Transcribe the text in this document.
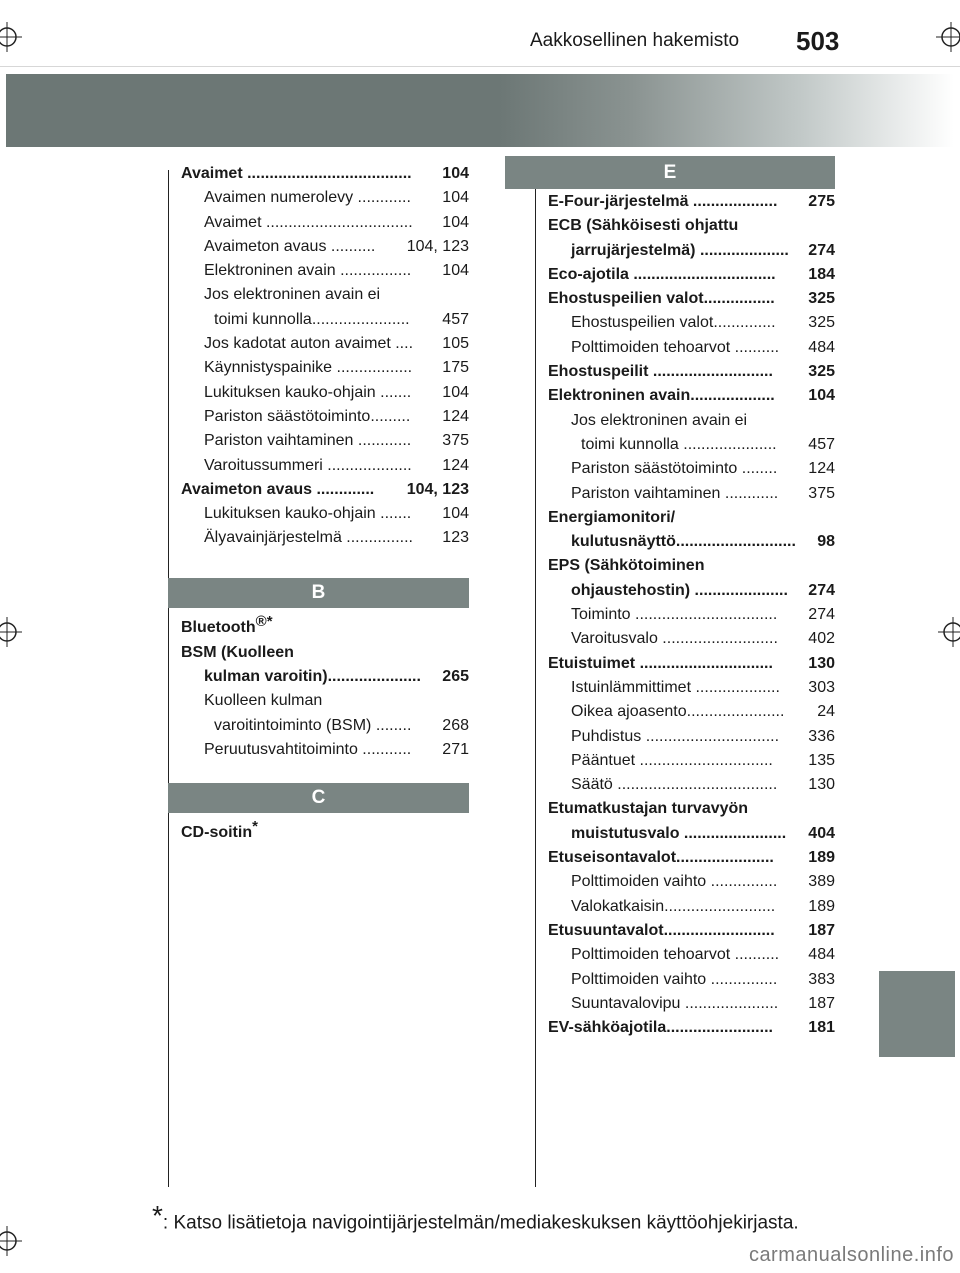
Aakkosellinen hakemisto 503
Avaimet ..................................... 104
Avaimen numerolevy ............ 104
Avaimet ................................. 104
Avaimeton avaus .......... 104, 123
Elektroninen avain ................ 104
Jos elektroninen avain ei
toimi kunnolla...................... 457
Jos kadotat auton avaimet .... 105
Käynnistyspainike ................. 175
Lukituksen kauko-ohjain ....... 104
Pariston säästötoiminto......... 124
Pariston vaihtaminen ............ 375
Varoitussummeri ................... 124
Avaimeton avaus ............. 104, 123
Lukituksen kauko-ohjain ....... 104
Älyavainjärjestelmä ............... 123
B
Bluetooth®*
BSM (Kuolleen
kulman varoitin)..................... 265
Kuolleen kulman
varoitintoiminto (BSM) ........ 268
Peruutusvahtitoiminto ........... 271
C
CD-soitin*
E
E-Four-järjestelmä ................... 275
ECB (Sähköisesti ohjattu
jarrujärjestelmä) .................... 274
Eco-ajotila ................................ 184
Ehostuspeilien valot................ 325
Ehostuspeilien valot.............. 325
Polttimoiden tehoarvot .......... 484
Ehostuspeilit ........................... 325
Elektroninen avain................... 104
Jos elektroninen avain ei
toimi kunnolla ..................... 457
Pariston säästötoiminto ........ 124
Pariston vaihtaminen ............ 375
Energiamonitori/
kulutusnäyttö........................... 98
EPS (Sähkötoiminen
ohjaustehostin) ..................... 274
Toiminto ................................ 274
Varoitusvalo .......................... 402
Etuistuimet .............................. 130
Istuinlämmittimet ................... 303
Oikea ajoasento...................... 24
Puhdistus .............................. 336
Pääntuet .............................. 135
Säätö .................................... 130
Etumatkustajan turvavyön
muistutusvalo ....................... 404
Etuseisontavalot...................... 189
Polttimoiden vaihto ............... 389
Valokatkaisin......................... 189
Etusuuntavalot......................... 187
Polttimoiden tehoarvot .......... 484
Polttimoiden vaihto ............... 383
Suuntavalovipu ..................... 187
EV-sähköajotila........................ 181
*: Katso lisätietoja navigointijärjestelmän/mediakeskuksen käyttöohjekirjasta.
carmanualsonline.info
